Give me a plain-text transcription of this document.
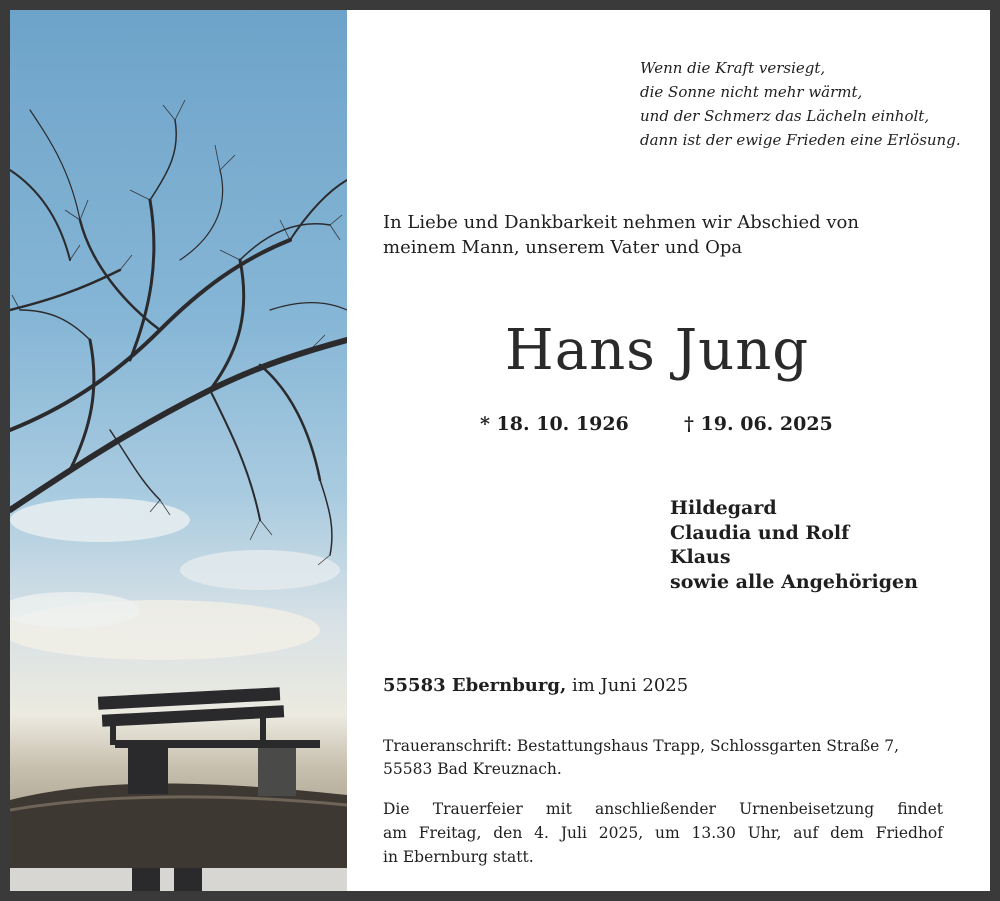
Wenn die Kraft versiegt,
die Sonne nicht mehr wärmt,
und der Schmerz das Lächeln einholt,
dann ist der ewige Frieden eine Erlösung.
In Liebe und Dankbarkeit nehmen wir Abschied von
meinem Mann, unserem Vater und Opa
Hans Jung
* 18. 10. 1926	† 19. 06. 2025
Hildegard
Claudia und Rolf
Klaus
sowie alle Angehörigen
55583 Ebernburg, im Juni 2025
Traueranschrift: Bestattungshaus Trapp, Schlossgarten Straße 7,
55583 Bad Kreuznach.
Die Trauerfeier mit anschließender Urnenbeisetzung findet
am Freitag, den 4. Juli 2025, um 13.30 Uhr, auf dem Friedhof
in Ebernburg statt.
